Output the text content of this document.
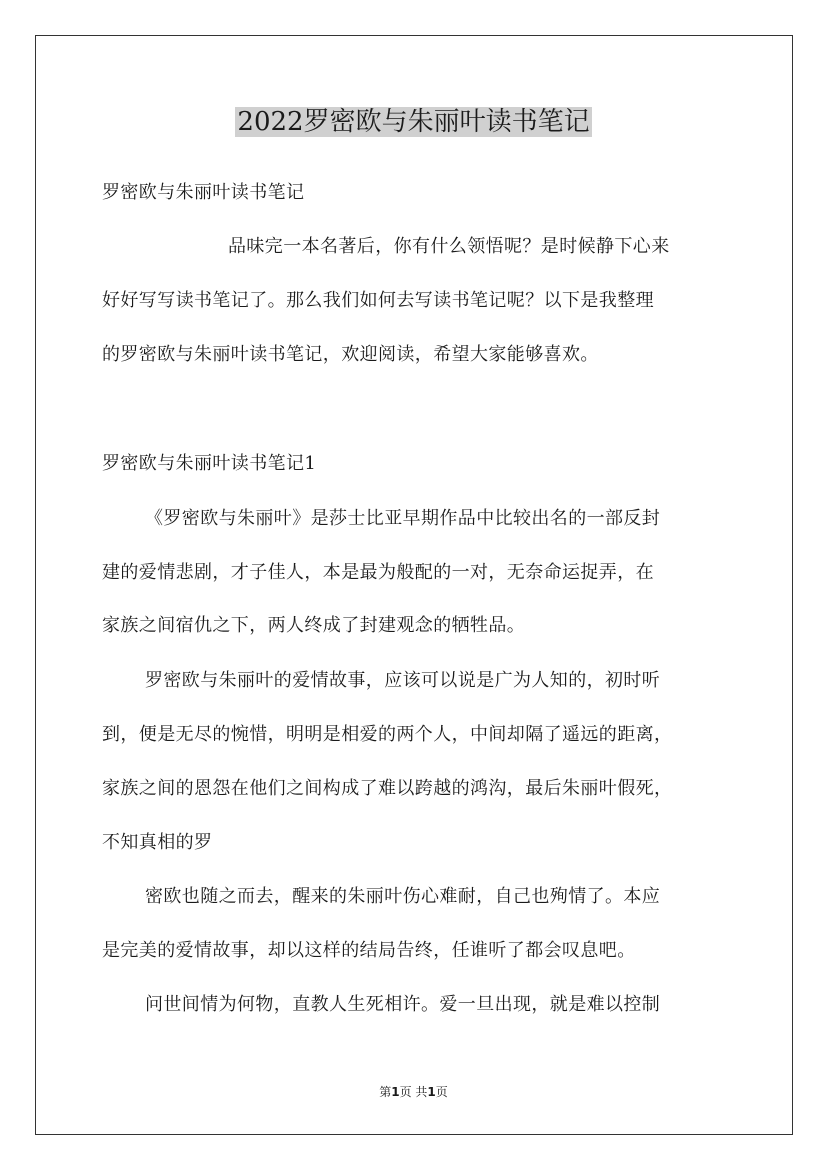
2022罗密欧与朱丽叶读书笔记
罗密欧与朱丽叶读书笔记
品味完一本名著后，你有什么领悟呢？是时候静下心来
好好写写读书笔记了。那么我们如何去写读书笔记呢？以下是我整理
的罗密欧与朱丽叶读书笔记，欢迎阅读，希望大家能够喜欢。
罗密欧与朱丽叶读书笔记1
《罗密欧与朱丽叶》是莎士比亚早期作品中比较出名的一部反封
建的爱情悲剧，才子佳人，本是最为般配的一对，无奈命运捉弄，在
家族之间宿仇之下，两人终成了封建观念的牺牲品。
罗密欧与朱丽叶的爱情故事，应该可以说是广为人知的，初时听
到，便是无尽的惋惜，明明是相爱的两个人，中间却隔了遥远的距离，
家族之间的恩怨在他们之间构成了难以跨越的鸿沟，最后朱丽叶假死，
不知真相的罗
密欧也随之而去，醒来的朱丽叶伤心难耐，自己也殉情了。本应
是完美的爱情故事，却以这样的结局告终，任谁听了都会叹息吧。
问世间情为何物，直教人生死相许。爱一旦出现，就是难以控制
第1页 共1页
